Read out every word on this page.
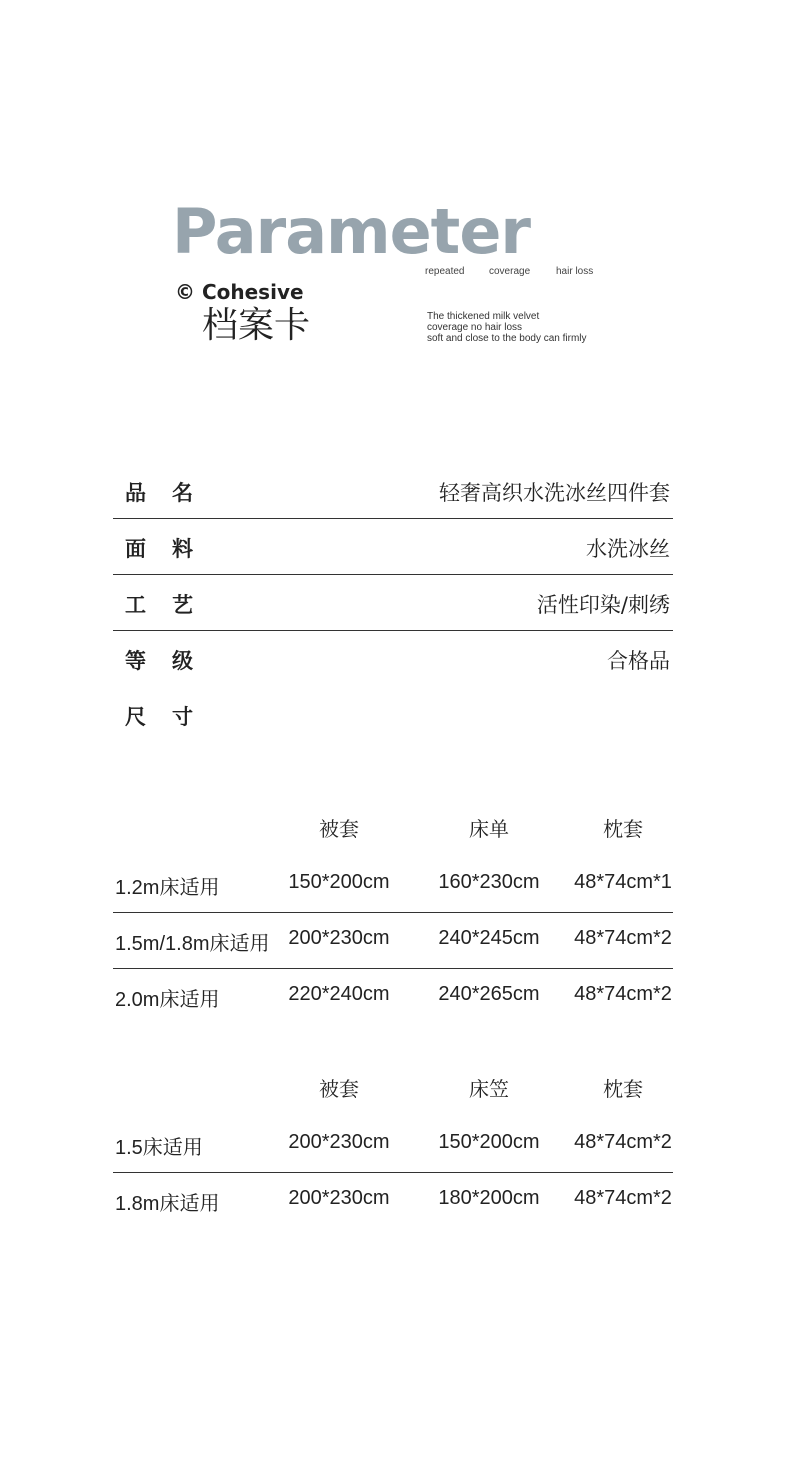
Parameter
repeated coverage	hair loss
© Cohesive
档案卡	The thickened milk velvet
coverage no hair loss
soft and close to the body can firmly
品名	轻奢高织水洗冰丝四件套
面料	水洗冰丝
工艺	活性印染/刺绣
等级	合格品
尺寸
被套	床单	枕套
1.2m床适用	150*200cm 160*230cm 48*74cm*1
1.5m/1.8m床适用 200*230cm 240*245cm 48*74cm*2
2.0m床适用	220*240cm 240*265cm 48*74cm*2
被套	床笠	枕套
1.5床适用	200*230cm 150*200cm 48*74cm*2
1.8m床适用	200*230cm 180*200cm 48*74cm*2
